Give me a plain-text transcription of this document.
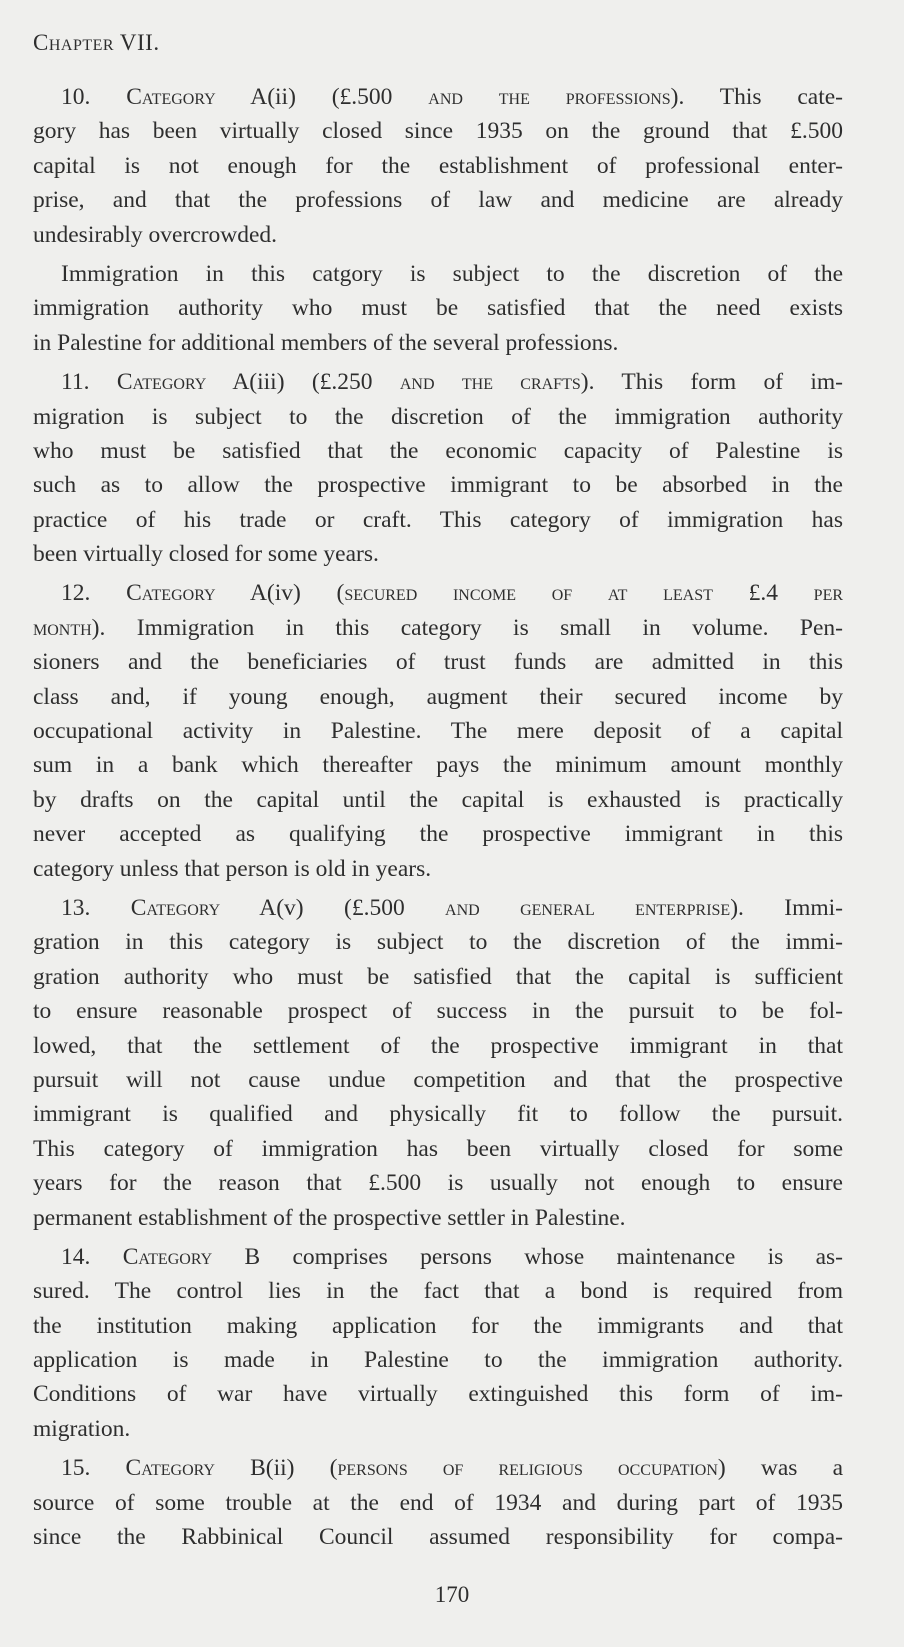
Chapter VII.
10. Category A(ii) (£.500 and the professions). This cate-
gory has been virtually closed since 1935 on the ground that £.500
capital is not enough for the establishment of professional enter-
prise, and that the professions of law and medicine are already
undesirably overcrowded.
Immigration in this catgory is subject to the discretion of the
immigration authority who must be satisfied that the need exists
in Palestine for additional members of the several professions.
11. Category A(iii) (£.250 and the crafts). This form of im-
migration is subject to the discretion of the immigration authority
who must be satisfied that the economic capacity of Palestine is
such as to allow the prospective immigrant to be absorbed in the
practice of his trade or craft. This category of immigration has
been virtually closed for some years.
12. Category A(iv) (secured income of at least £.4 per
month). Immigration in this category is small in volume. Pen-
sioners and the beneficiaries of trust funds are admitted in this
class and, if young enough, augment their secured income by
occupational activity in Palestine. The mere deposit of a capital
sum in a bank which thereafter pays the minimum amount monthly
by drafts on the capital until the capital is exhausted is practically
never accepted as qualifying the prospective immigrant in this
category unless that person is old in years.
13. Category A(v) (£.500 and general enterprise). Immi-
gration in this category is subject to the discretion of the immi-
gration authority who must be satisfied that the capital is sufficient
to ensure reasonable prospect of success in the pursuit to be fol-
lowed, that the settlement of the prospective immigrant in that
pursuit will not cause undue competition and that the prospective
immigrant is qualified and physically fit to follow the pursuit.
This category of immigration has been virtually closed for some
years for the reason that £.500 is usually not enough to ensure
permanent establishment of the prospective settler in Palestine.
14. Category B comprises persons whose maintenance is as-
sured. The control lies in the fact that a bond is required from
the institution making application for the immigrants and that
application is made in Palestine to the immigration authority.
Conditions of war have virtually extinguished this form of im-
migration.
15. Category B(ii) (persons of religious occupation) was a
source of some trouble at the end of 1934 and during part of 1935
since the Rabbinical Council assumed responsibility for compa-
170
